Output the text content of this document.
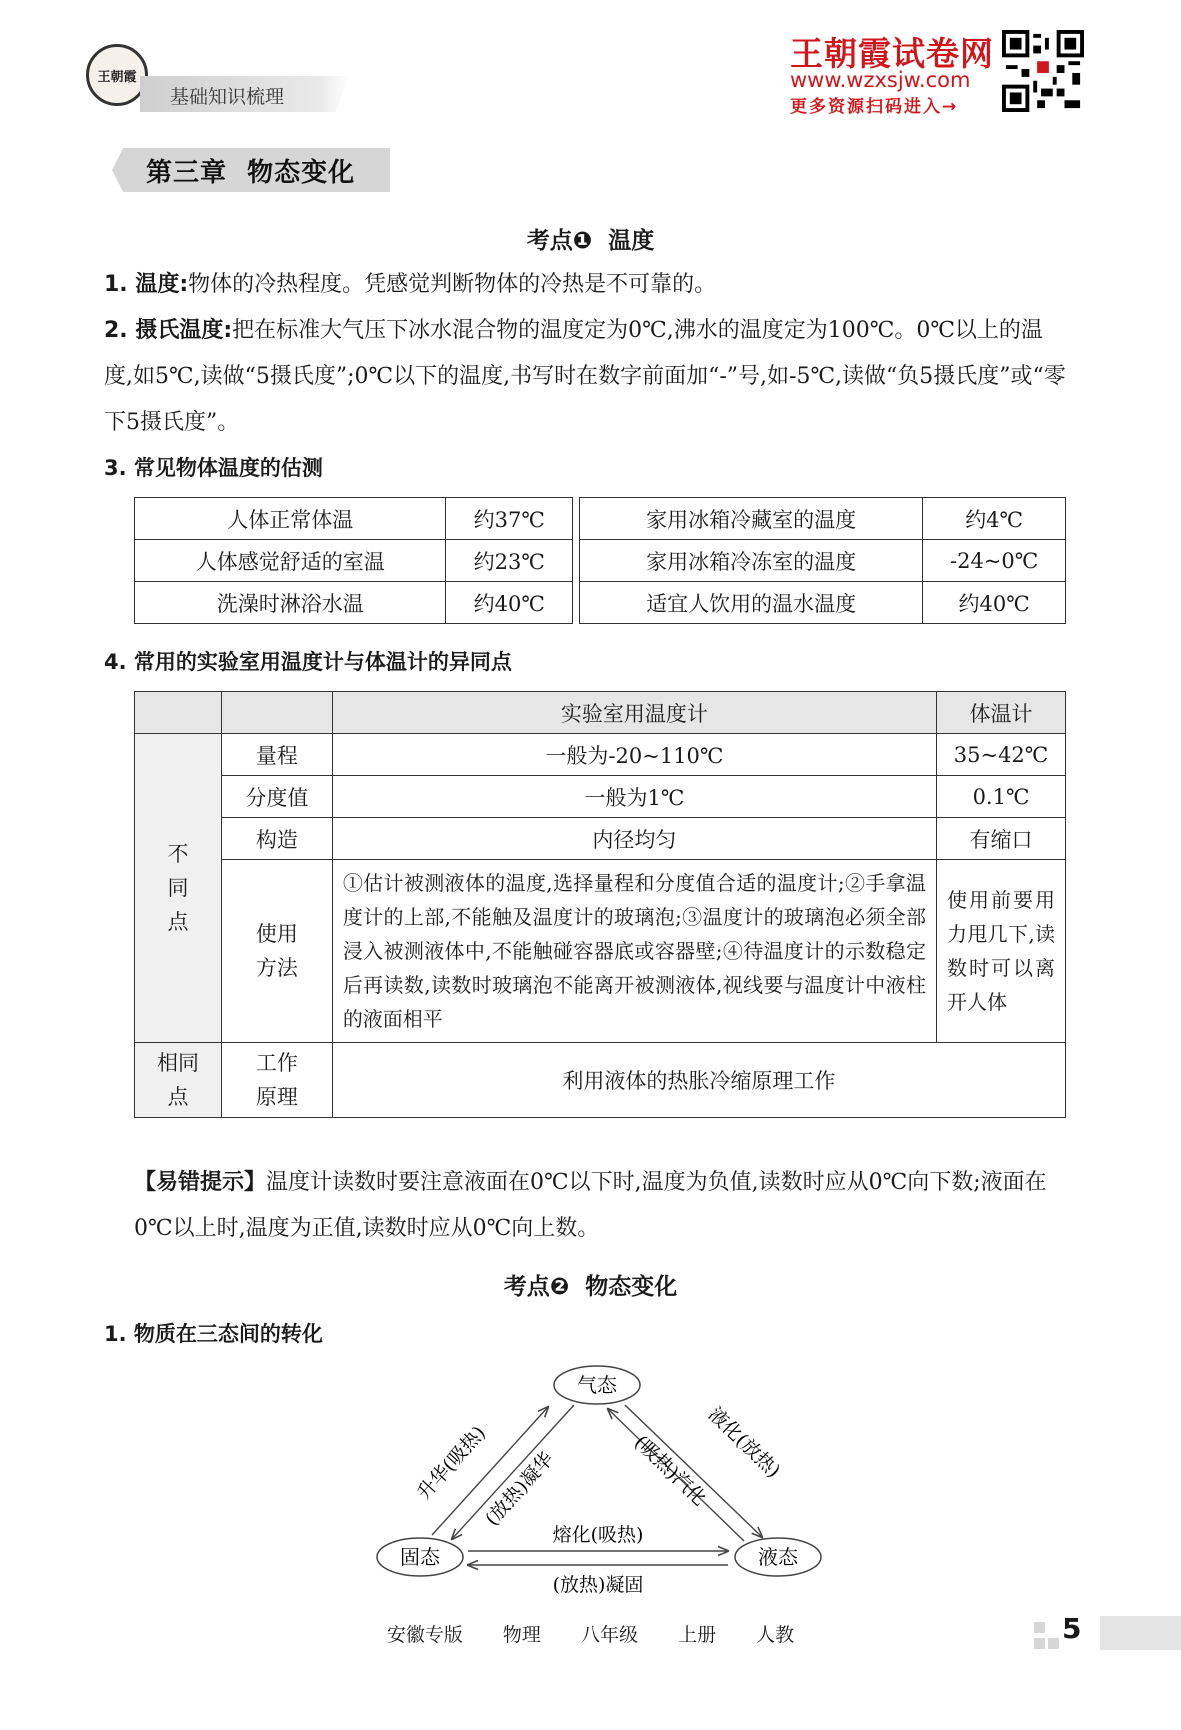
王朝霞
基础知识梳理
王朝霞试卷网
www.wzxsjw.com
更多资源扫码进入→
第三章  物态变化
考点❶  温度
1. 温度:物体的冷热程度。凭感觉判断物体的冷热是不可靠的。
2. 摄氏温度:把在标准大气压下冰水混合物的温度定为0℃,沸水的温度定为100℃。0℃以上的温度,如5℃,读做“5摄氏度”;0℃以下的温度,书写时在数字前面加“-”号,如-5℃,读做“负5摄氏度”或“零下5摄氏度”。
3. 常见物体温度的估测
人体正常体温	约37℃		家用冰箱冷藏室的温度	约4℃
人体感觉舒适的室温	约23℃		家用冰箱冷冻室的温度	-24~0℃
洗澡时淋浴水温	约40℃		适宜人饮用的温水温度	约40℃
4. 常用的实验室用温度计与体温计的异同点
		实验室用温度计	体温计
不同点	量程	一般为-20~110℃	35~42℃
	分度值	一般为1℃	0.1℃
	构造	内径均匀	有缩口
	使用方法	①估计被测液体的温度,选择量程和分度值合适的温度计;②手拿温度计的上部,不能触及温度计的玻璃泡;③温度计的玻璃泡必须全部浸入被测液体中,不能触碰容器底或容器壁;④待温度计的示数稳定后再读数,读数时玻璃泡不能离开被测液体,视线要与温度计中液柱的液面相平	使用前要用力甩几下,读数时可以离开人体
相同点	工作原理	利用液体的热胀冷缩原理工作	
【易错提示】温度计读数时要注意液面在0℃以下时,温度为负值,读数时应从0℃向下数;液面在0℃以上时,温度为正值,读数时应从0℃向上数。
考点❷  物态变化
1. 物质在三态间的转化
气态
固态	液态
升华(吸热)
(放热)凝华
液化(放热)
(吸热)汽化
熔化(吸热)
(放热)凝固
安徽专版  物理  八年级  上册  人教	5
